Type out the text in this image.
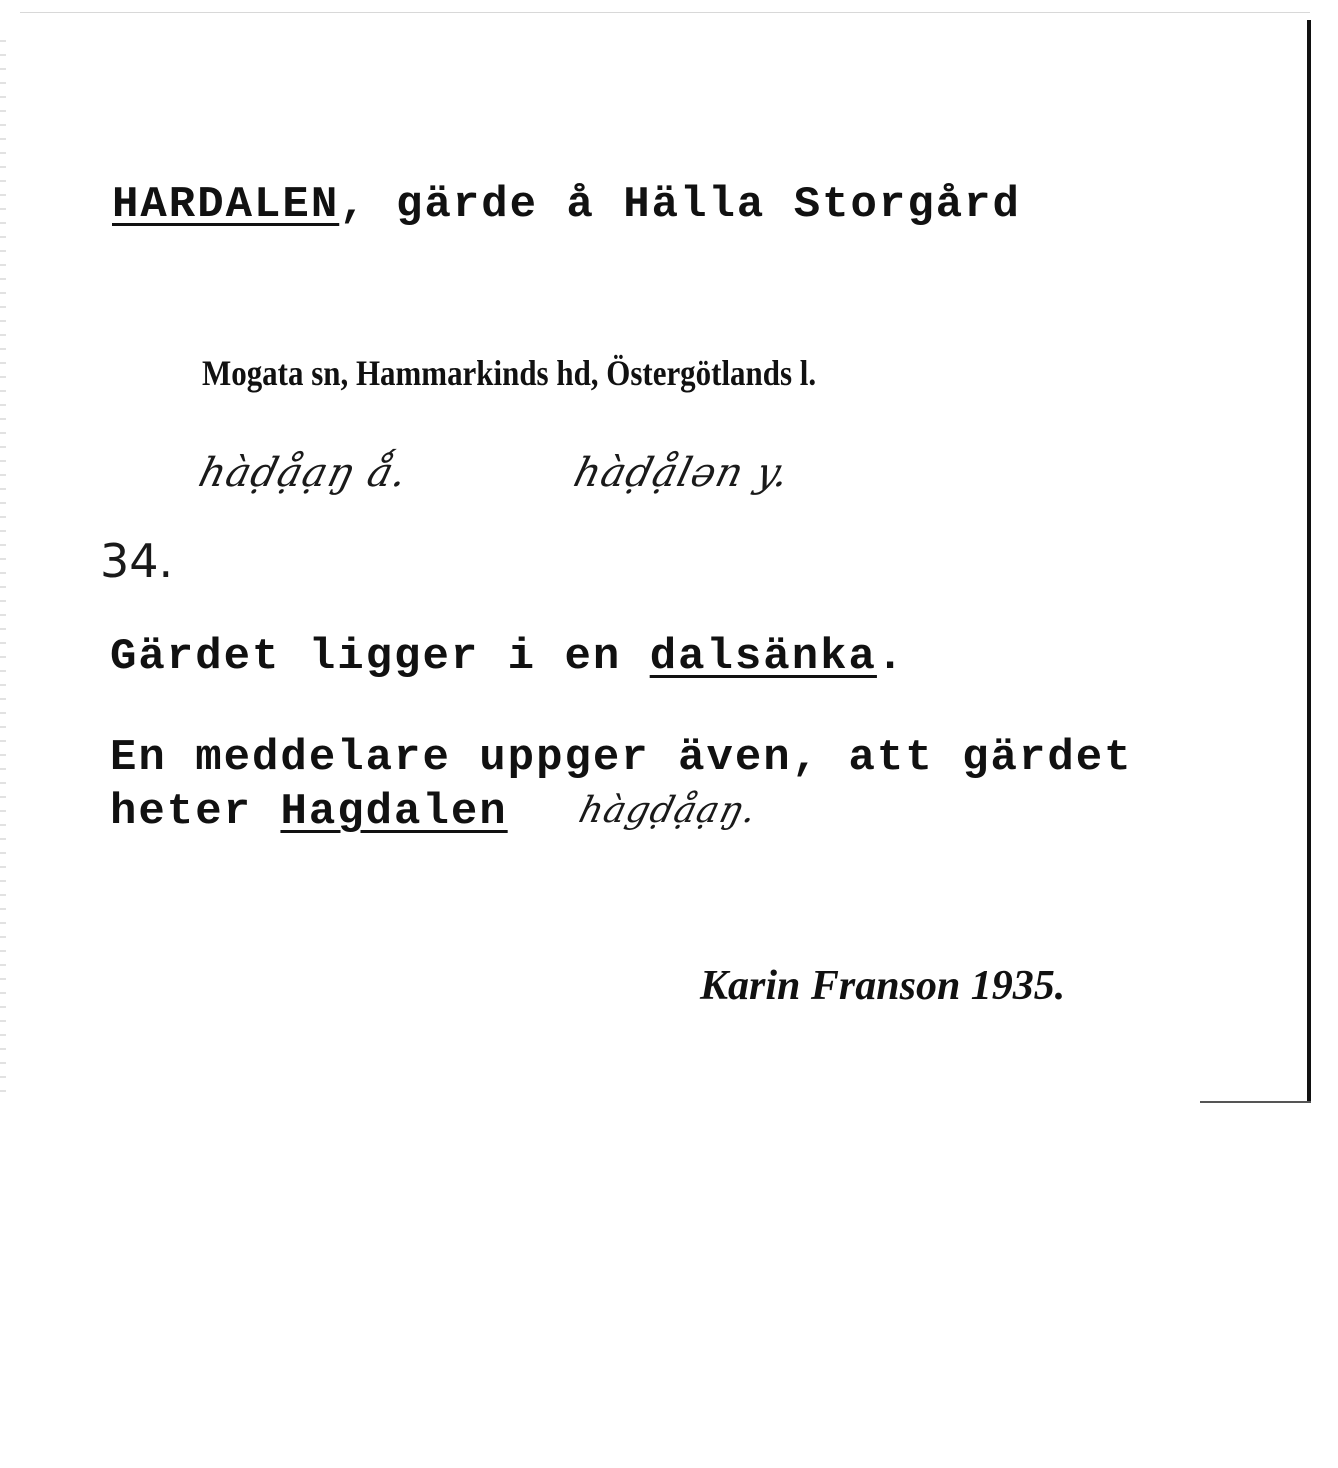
HARDALEN, gärde å Hälla Storgård
Mogata sn, Hammarkinds hd, Östergötlands l.
hàḍạ̊ạŋ ǻ.	hàḍạ̊lən y.
34.
Gärdet ligger i en dalsänka.
En meddelare uppger även, att gärdet
heter Hagdalen hàgḍạ̊ạŋ.
Karin Franson 1935.
